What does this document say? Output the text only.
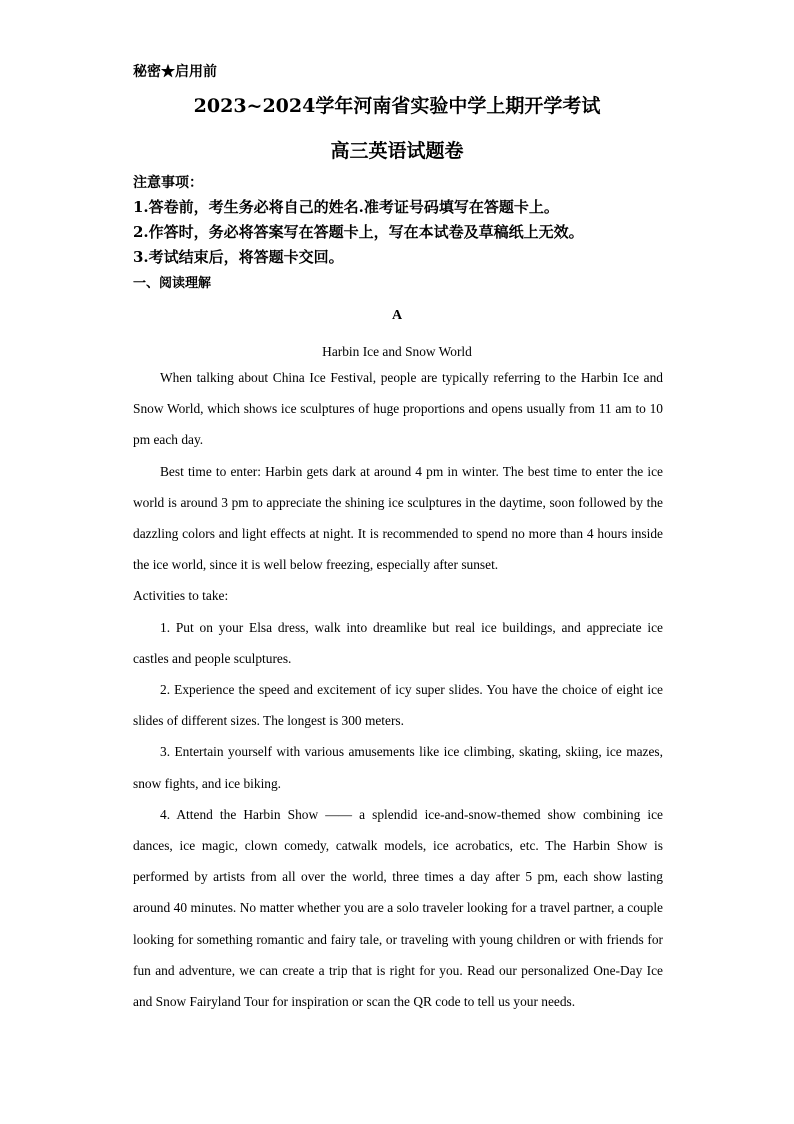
秘密★启用前
2023~2024学年河南省实验中学上期开学考试
高三英语试题卷
注意事项：
1.答卷前，考生务必将自己的姓名.准考证号码填写在答题卡上。
2.作答时，务必将答案写在答题卡上，写在本试卷及草稿纸上无效。
3.考试结束后，将答题卡交回。
一、阅读理解
A
Harbin Ice and Snow World

When talking about China Ice Festival, people are typically referring to the Harbin Ice and Snow World, which shows ice sculptures of huge proportions and opens usually from 11 am to 10 pm each day.

Best time to enter: Harbin gets dark at around 4 pm in winter. The best time to enter the ice world is around 3 pm to appreciate the shining ice sculptures in the daytime, soon followed by the dazzling colors and light effects at night. It is recommended to spend no more than 4 hours inside the ice world, since it is well below freezing, especially after sunset.

Activities to take:

1. Put on your Elsa dress, walk into dreamlike but real ice buildings, and appreciate ice castles and people sculptures.

2. Experience the speed and excitement of icy super slides. You have the choice of eight ice slides of different sizes. The longest is 300 meters.

3. Entertain yourself with various amusements like ice climbing, skating, skiing, ice mazes, snow fights, and ice biking.

4. Attend the Harbin Show —— a splendid ice-and-snow-themed show combining ice dances, ice magic, clown comedy, catwalk models, ice acrobatics, etc. The Harbin Show is performed by artists from all over the world, three times a day after 5 pm, each show lasting around 40 minutes. No matter whether you are a solo traveler looking for a travel partner, a couple looking for something romantic and fairy tale, or traveling with young children or with friends for fun and adventure, we can create a trip that is right for you. Read our personalized One-Day Ice and Snow Fairyland Tour for inspiration or scan the QR code to tell us your needs.
